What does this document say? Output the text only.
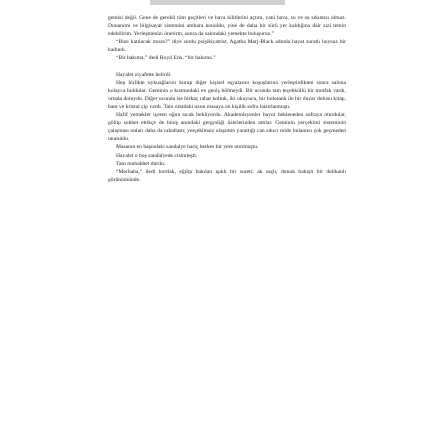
gemisi değil. Gene de gerekli tüm geçitleri ve hava kilitlerini açtım, yani hava, su ve su sıkıntısı olmaz. Donanımı ve bilgisayar sistemini ambara konuldu, yine de daha bir sürü yer kaldığına dair sizi temin edebilirim. Yerleşmenizi önerirm, sonra da salondaki yemekte buluşuruz.”

“Bize katılacak mısın?” diye sordu psişikiyatrist, Agatha Marj-Black adında hayat suratlı huysuz bir kadındı.

“Bir bakıma,” dedi Royd Eris, “bir bakıma.”

Hayalet ziyafette belirdi.

Hep birlikte uykuağlarını kurup diğer kişisel eşyalarını koşuşlarına yerleştirdikten sonra salona kolayca buldular. Geminin o kısmındaki en geniş bölmeydi. Bir ucunda tam teçehküllü bir mutfak vardı, ortada doluydu. Diğer ucunda ise birkaç rahat koltuk, iki okuyucu, bir holotank ile bir duvar dolusu kitap, bant ve kristal çip vardı. Tam ortadaki uzun masaya on kişilik sofra hazırlanmıştı.

Hafif yemekler içeren oğun sıcak bekliyordu. Akademisyenler bayur bekleneden sofraya oturdular, gölüp sohbet ettikçe de biniş anındaki gergınliği üzerlerinden attılar. Geminin yerçekimi sisteminin çalışması onları daha da rahatlattı; yerçekimsiz ulaşımın yarattığı can sıkıcı mide bulantısı çok geçmeden unutuldu.

Masanın en başındaki sandalye hariç herkes bir yere oturmuştu.

Hayalet o boş sandalyede cisimleşti.

Tam muhabbet durdu.

“Merhaba,” dedi hortlak, eğilip bakılan ışıklı bir sureti; ak saçlı, donuk bakışlı bir delikanlı görünümünde.
